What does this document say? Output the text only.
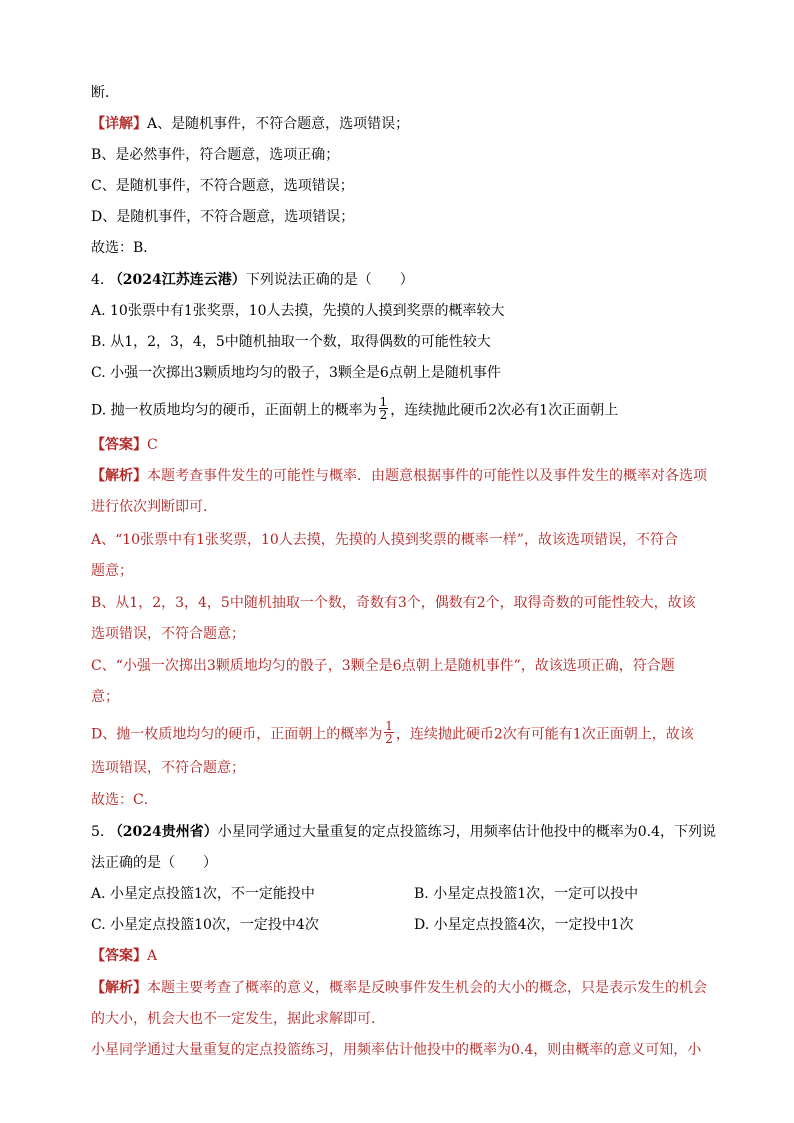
断．
【详解】A、是随机事件，不符合题意，选项错误；
B、是必然事件，符合题意，选项正确；
C、是随机事件，不符合题意，选项错误；
D、是随机事件，不符合题意，选项错误；
故选：B．
4. （2024江苏连云港）下列说法正确的是（　　）
A. 10张票中有1张奖票，10人去摸，先摸的人摸到奖票的概率较大
B. 从1，2，3，4，5中随机抽取一个数，取得偶数的可能性较大
C. 小强一次掷出3颗质地均匀的骰子，3颗全是6点朝上是随机事件
D. 抛一枚质地均匀的硬币，正面朝上的概率为 $\frac{1}{2}$ ，连续抛此硬币2次必有1次正面朝上
【答案】C
【解析】本题考查事件发生的可能性与概率．由题意根据事件的可能性以及事件发生的概率对各选项
进行依次判断即可．
A、“10张票中有1张奖票，10人去摸，先摸的人摸到奖票的概率一样”，故该选项错误，不符合
题意；
B、从1，2，3，4，5中随机抽取一个数，奇数有3个，偶数有2个，取得奇数的可能性较大，故该
选项错误，不符合题意；
C、“小强一次掷出3颗质地均匀的骰子，3颗全是6点朝上是随机事件”，故该选项正确，符合题
意；
D、抛一枚质地均匀的硬币，正面朝上的概率为 $\frac{1}{2}$ ，连续抛此硬币2次有可能有1次正面朝上，故该
选项错误，不符合题意；
故选：C．
5. （2024贵州省）小星同学通过大量重复的定点投篮练习，用频率估计他投中的概率为0.4，下列说
法正确的是（　　）
A. 小星定点投篮1次，不一定能投中	B. 小星定点投篮1次，一定可以投中
C. 小星定点投篮10次，一定投中4次	D. 小星定点投篮4次，一定投中1次
【答案】A
【解析】本题主要考查了概率的意义，概率是反映事件发生机会的大小的概念，只是表示发生的机会
的大小，机会大也不一定发生，据此求解即可．
小星同学通过大量重复的定点投篮练习，用频率估计他投中的概率为0.4，则由概率的意义可知，小
